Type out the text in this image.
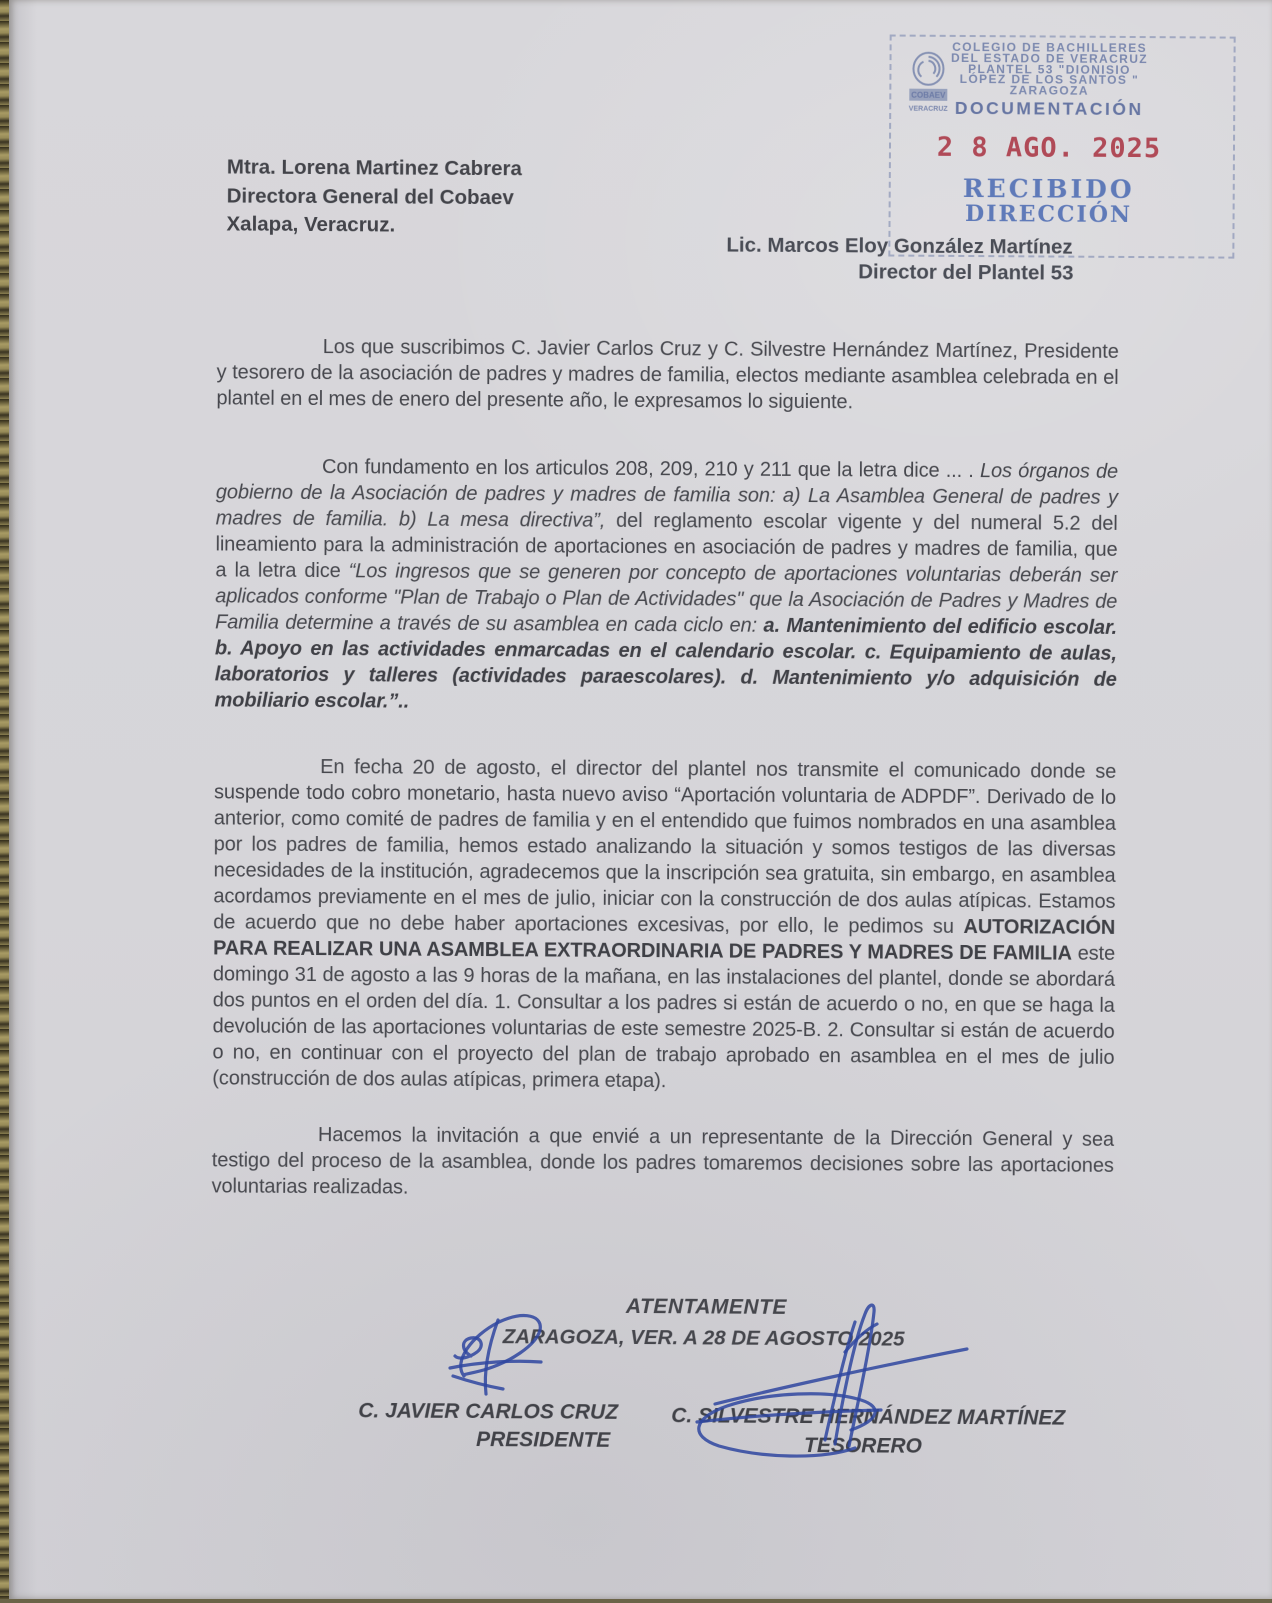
Mtra. Lorena Martinez Cabrera
Directora General del Cobaev
Xalapa, Veracruz.
Lic. Marcos Eloy González Martínez
Director del Plantel 53
COBAEV
VERACRUZ
COLEGIO DE BACHILLERES
DEL ESTADO DE VERACRUZ
PLANTEL 53 "DIONISIO
LÓPEZ DE LOS SANTOS "
ZARAGOZA
DOCUMENTACIÓN
2 8 AGO. 2025
RECIBIDO
DIRECCIÓN

Los que suscribimos C. Javier Carlos Cruz y C. Silvestre Hernández Martínez, Presidente y tesorero de la asociación de padres y madres de familia, electos mediante asamblea celebrada en el plantel en el mes de enero del presente año, le expresamos lo siguiente.

Con fundamento en los articulos 208, 209, 210 y 211 que la letra dice ... . Los órganos de gobierno de la Asociación de padres y madres de familia son: a) La Asamblea General de padres y madres de familia. b) La mesa directiva”, del reglamento escolar vigente y del numeral 5.2 del lineamiento para la administración de aportaciones en asociación de padres y madres de familia, que a la letra dice “Los ingresos que se generen por concepto de aportaciones voluntarias deberán ser aplicados conforme "Plan de Trabajo o Plan de Actividades" que la Asociación de Padres y Madres de Familia determine a través de su asamblea en cada ciclo en: a. Mantenimiento del edificio escolar. b. Apoyo en las actividades enmarcadas en el calendario escolar. c. Equipamiento de aulas, laboratorios y talleres (actividades paraescolares). d. Mantenimiento y/o adquisición de mobiliario escolar.”..

En fecha 20 de agosto, el director del plantel nos transmite el comunicado donde se suspende todo cobro monetario, hasta nuevo aviso “Aportación voluntaria de ADPDF”. Derivado de lo anterior, como comité de padres de familia y en el entendido que fuimos nombrados en una asamblea por los padres de familia, hemos estado analizando la situación y somos testigos de las diversas necesidades de la institución, agradecemos que la inscripción sea gratuita, sin embargo, en asamblea acordamos previamente en el mes de julio, iniciar con la construcción de dos aulas atípicas. Estamos de acuerdo que no debe haber aportaciones excesivas, por ello, le pedimos su AUTORIZACIÓN PARA REALIZAR UNA ASAMBLEA EXTRAORDINARIA DE PADRES Y MADRES DE FAMILIA este domingo 31 de agosto a las 9 horas de la mañana, en las instalaciones del plantel, donde se abordará dos puntos en el orden del día. 1. Consultar a los padres si están de acuerdo o no, en que se haga la devolución de las aportaciones voluntarias de este semestre 2025-B. 2. Consultar si están de acuerdo o no, en continuar con el proyecto del plan de trabajo aprobado en asamblea en el mes de julio (construcción de dos aulas atípicas, primera etapa).

Hacemos la invitación a que envié a un representante de la Dirección General y sea testigo del proceso de la asamblea, donde los padres tomaremos decisiones sobre las aportaciones voluntarias realizadas.

ATENTAMENTE
ZARAGOZA, VER. A 28 DE AGOSTO 2025
C. JAVIER CARLOS CRUZ
PRESIDENTE
C. SILVESTRE HERNÁNDEZ MARTÍNEZ
TESORERO
